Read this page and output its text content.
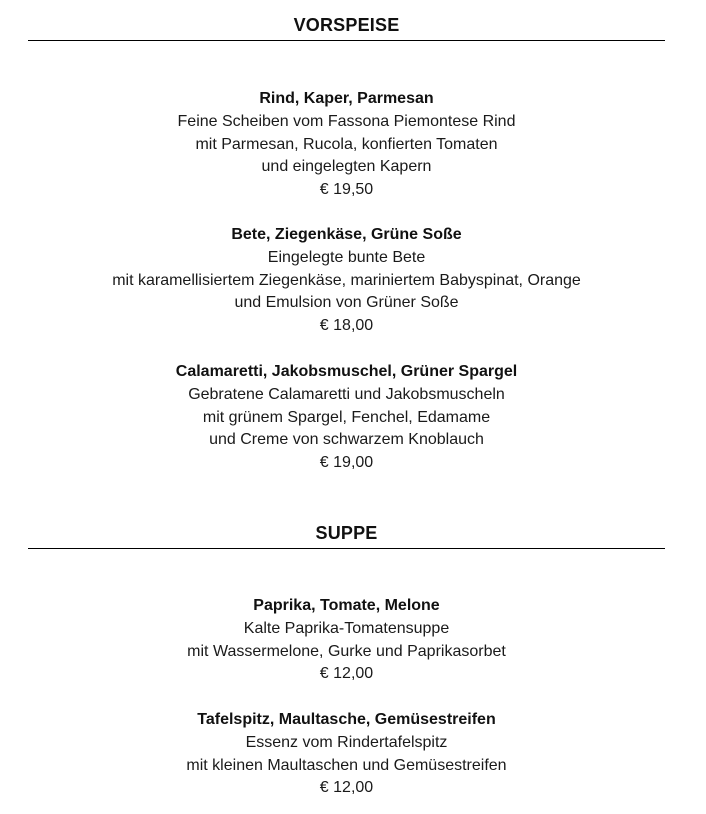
VORSPEISE
Rind, Kaper, Parmesan
Feine Scheiben vom Fassona Piemontese Rind
mit Parmesan, Rucola, konfierten Tomaten
und eingelegten Kapern
€ 19,50
Bete, Ziegenkäse, Grüne Soße
Eingelegte bunte Bete
mit karamellisiertem Ziegenkäse, mariniertem Babyspinat, Orange
und Emulsion von Grüner Soße
€ 18,00
Calamaretti, Jakobsmuschel, Grüner Spargel
Gebratene Calamaretti und Jakobsmuscheln
mit grünem Spargel, Fenchel, Edamame
und Creme von schwarzem Knoblauch
€ 19,00
SUPPE
Paprika, Tomate, Melone
Kalte Paprika-Tomatensuppe
mit Wassermelone, Gurke und Paprikasorbet
€ 12,00
Tafelspitz, Maultasche, Gemüsestreifen
Essenz vom Rindertafelspitz
mit kleinen Maultaschen und Gemüsestreifen
€ 12,00
